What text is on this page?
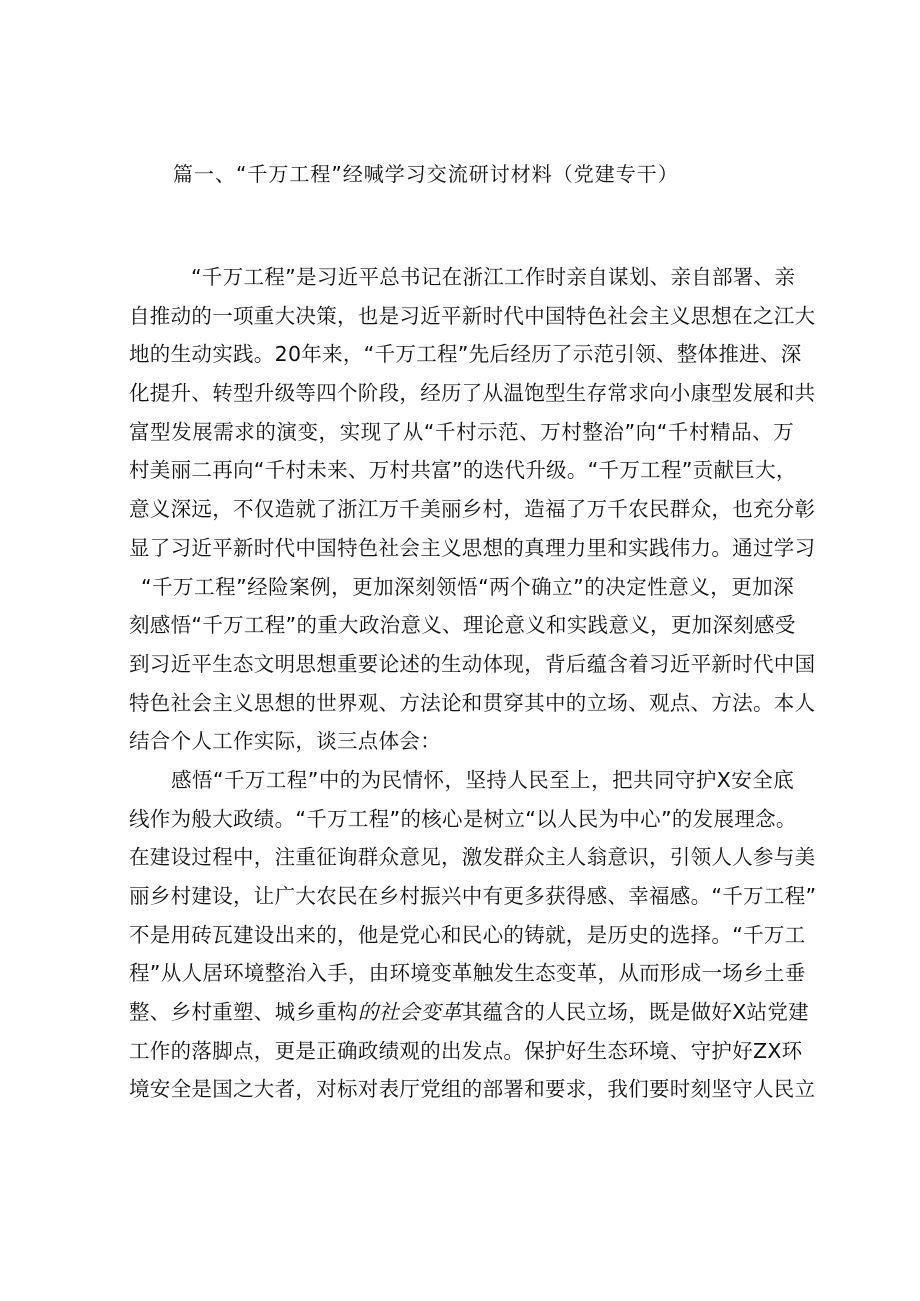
篇一、“千万工程”经喊学习交流研讨材料（党建专干）
“千万工程”是习近平总书记在浙江工作时亲自谋划、亲自部署、亲
自推动的一项重大决策，也是习近平新时代中国特色社会主义思想在之江大
地的生动实践。20年来，“千万工程”先后经历了示范引领、整体推进、深
化提升、转型升级等四个阶段，经历了从温饱型生存常求向小康型发展和共
富型发展需求的演变，实现了从“千村示范、万村整治”向“千村精品、万
村美丽二再向“千村未来、万村共富”的迭代升级。“千万工程”贡献巨大，
意义深远，不仅造就了浙江万千美丽乡村，造福了万千农民群众，也充分彰
显了习近平新时代中国特色社会主义思想的真理力里和实践伟力。通过学习
“千万工程”经险案例，更加深刻领悟“两个确立”的决定性意义，更加深
刻感悟“千万工程”的重大政治意义、理论意义和实践意义，更加深刻感受
到习近平生态文明思想重要论述的生动体现，背后蕴含着习近平新时代中国
特色社会主义思想的世界观、方法论和贯穿其中的立场、观点、方法。本人
结合个人工作实际，谈三点体会：
感悟“千万工程”中的为民情怀，坚持人民至上，把共同守护X安全底
线作为般大政绩。“千万工程”的核心是树立“以人民为中心”的发展理念。
在建设过程中，注重征询群众意见，激发群众主人翁意识，引领人人参与美
丽乡村建设，让广大农民在乡村振兴中有更多获得感、幸福感。“千万工程”
不是用砖瓦建设出来的，他是党心和民心的铸就，是历史的选择。“千万工
程”从人居环境整治入手，由环境变革触发生态变革，从而形成一场乡土垂
整、乡村重塑、城乡重构的社会变革其蕴含的人民立场，既是做好X站党建
工作的落脚点，更是正确政绩观的出发点。保护好生态环境、守护好ZX环
境安全是国之大者，对标对表厅党组的部署和要求，我们要时刻坚守人民立
